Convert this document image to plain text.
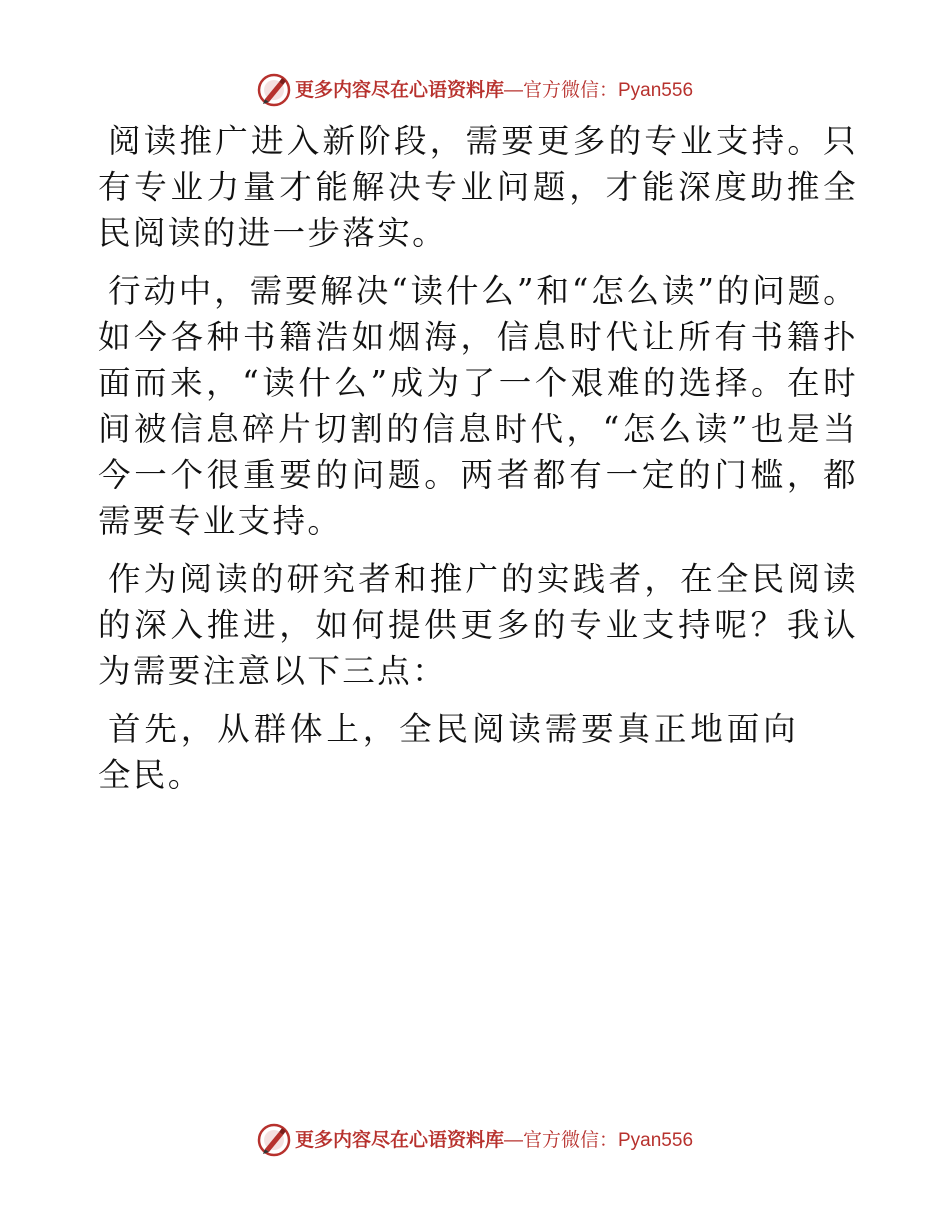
更多内容尽在心语资料库—官方微信：Pyan556

阅读推广进入新阶段，需要更多的专业支持。只有专业力量才能解决专业问题，才能深度助推全民阅读的进一步落实。

行动中，需要解决“读什么”和“怎么读”的问题。如今各种书籍浩如烟海，信息时代让所有书籍扑面而来，“读什么”成为了一个艰难的选择。在时间被信息碎片切割的信息时代，“怎么读”也是当今一个很重要的问题。两者都有一定的门槛，都需要专业支持。

作为阅读的研究者和推广的实践者，在全民阅读的深入推进，如何提供更多的专业支持呢？我认为需要注意以下三点：

首先，从群体上，全民阅读需要真正地面向全民。

更多内容尽在心语资料库—官方微信：Pyan556
